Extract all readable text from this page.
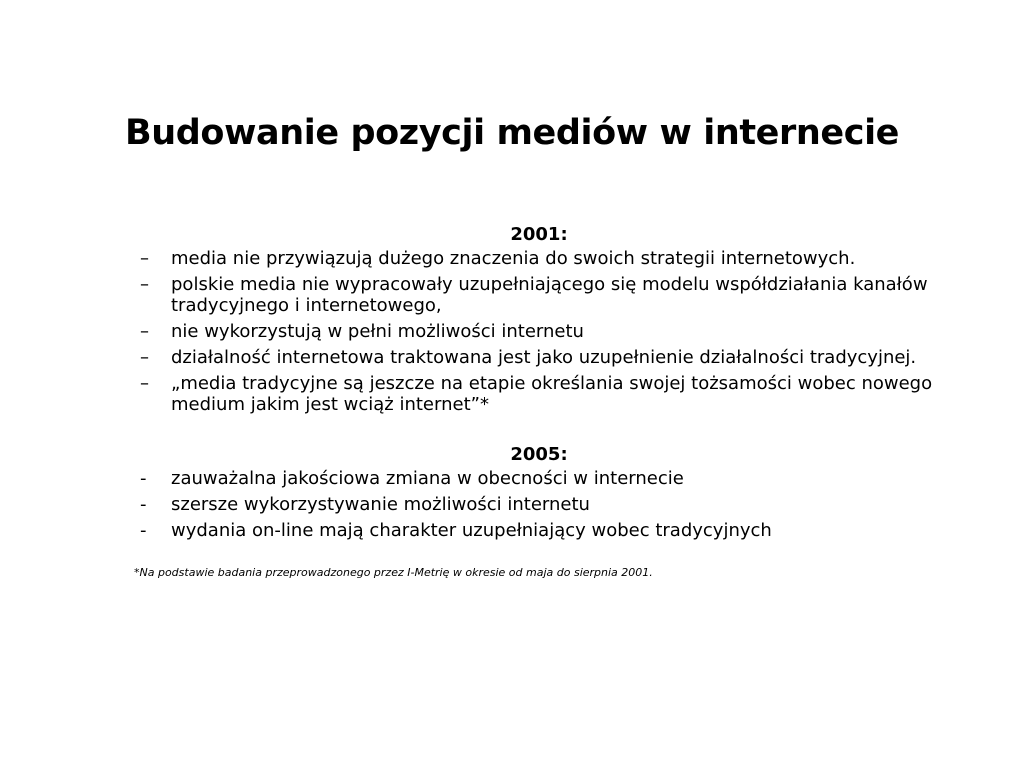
Budowanie pozycji mediów w internecie

2001:

– media nie przywiązują dużego znaczenia do swoich strategii internetowych.
– polskie media nie wypracowały uzupełniającego się modelu współdziałania kanałów tradycyjnego i internetowego,
– nie wykorzystują w pełni możliwości internetu
– działalność internetowa traktowana jest jako uzupełnienie działalności tradycyjnej.
– „media tradycyjne są jeszcze na etapie określania swojej tożsamości wobec nowego medium jakim jest wciąż internet”*

2005:

- zauważalna jakościowa zmiana w obecności w internecie
- szersze wykorzystywanie możliwości internetu
- wydania on-line mają charakter uzupełniający wobec tradycyjnych

*Na podstawie badania przeprowadzonego przez I-Metrię w okresie od maja do sierpnia 2001.
